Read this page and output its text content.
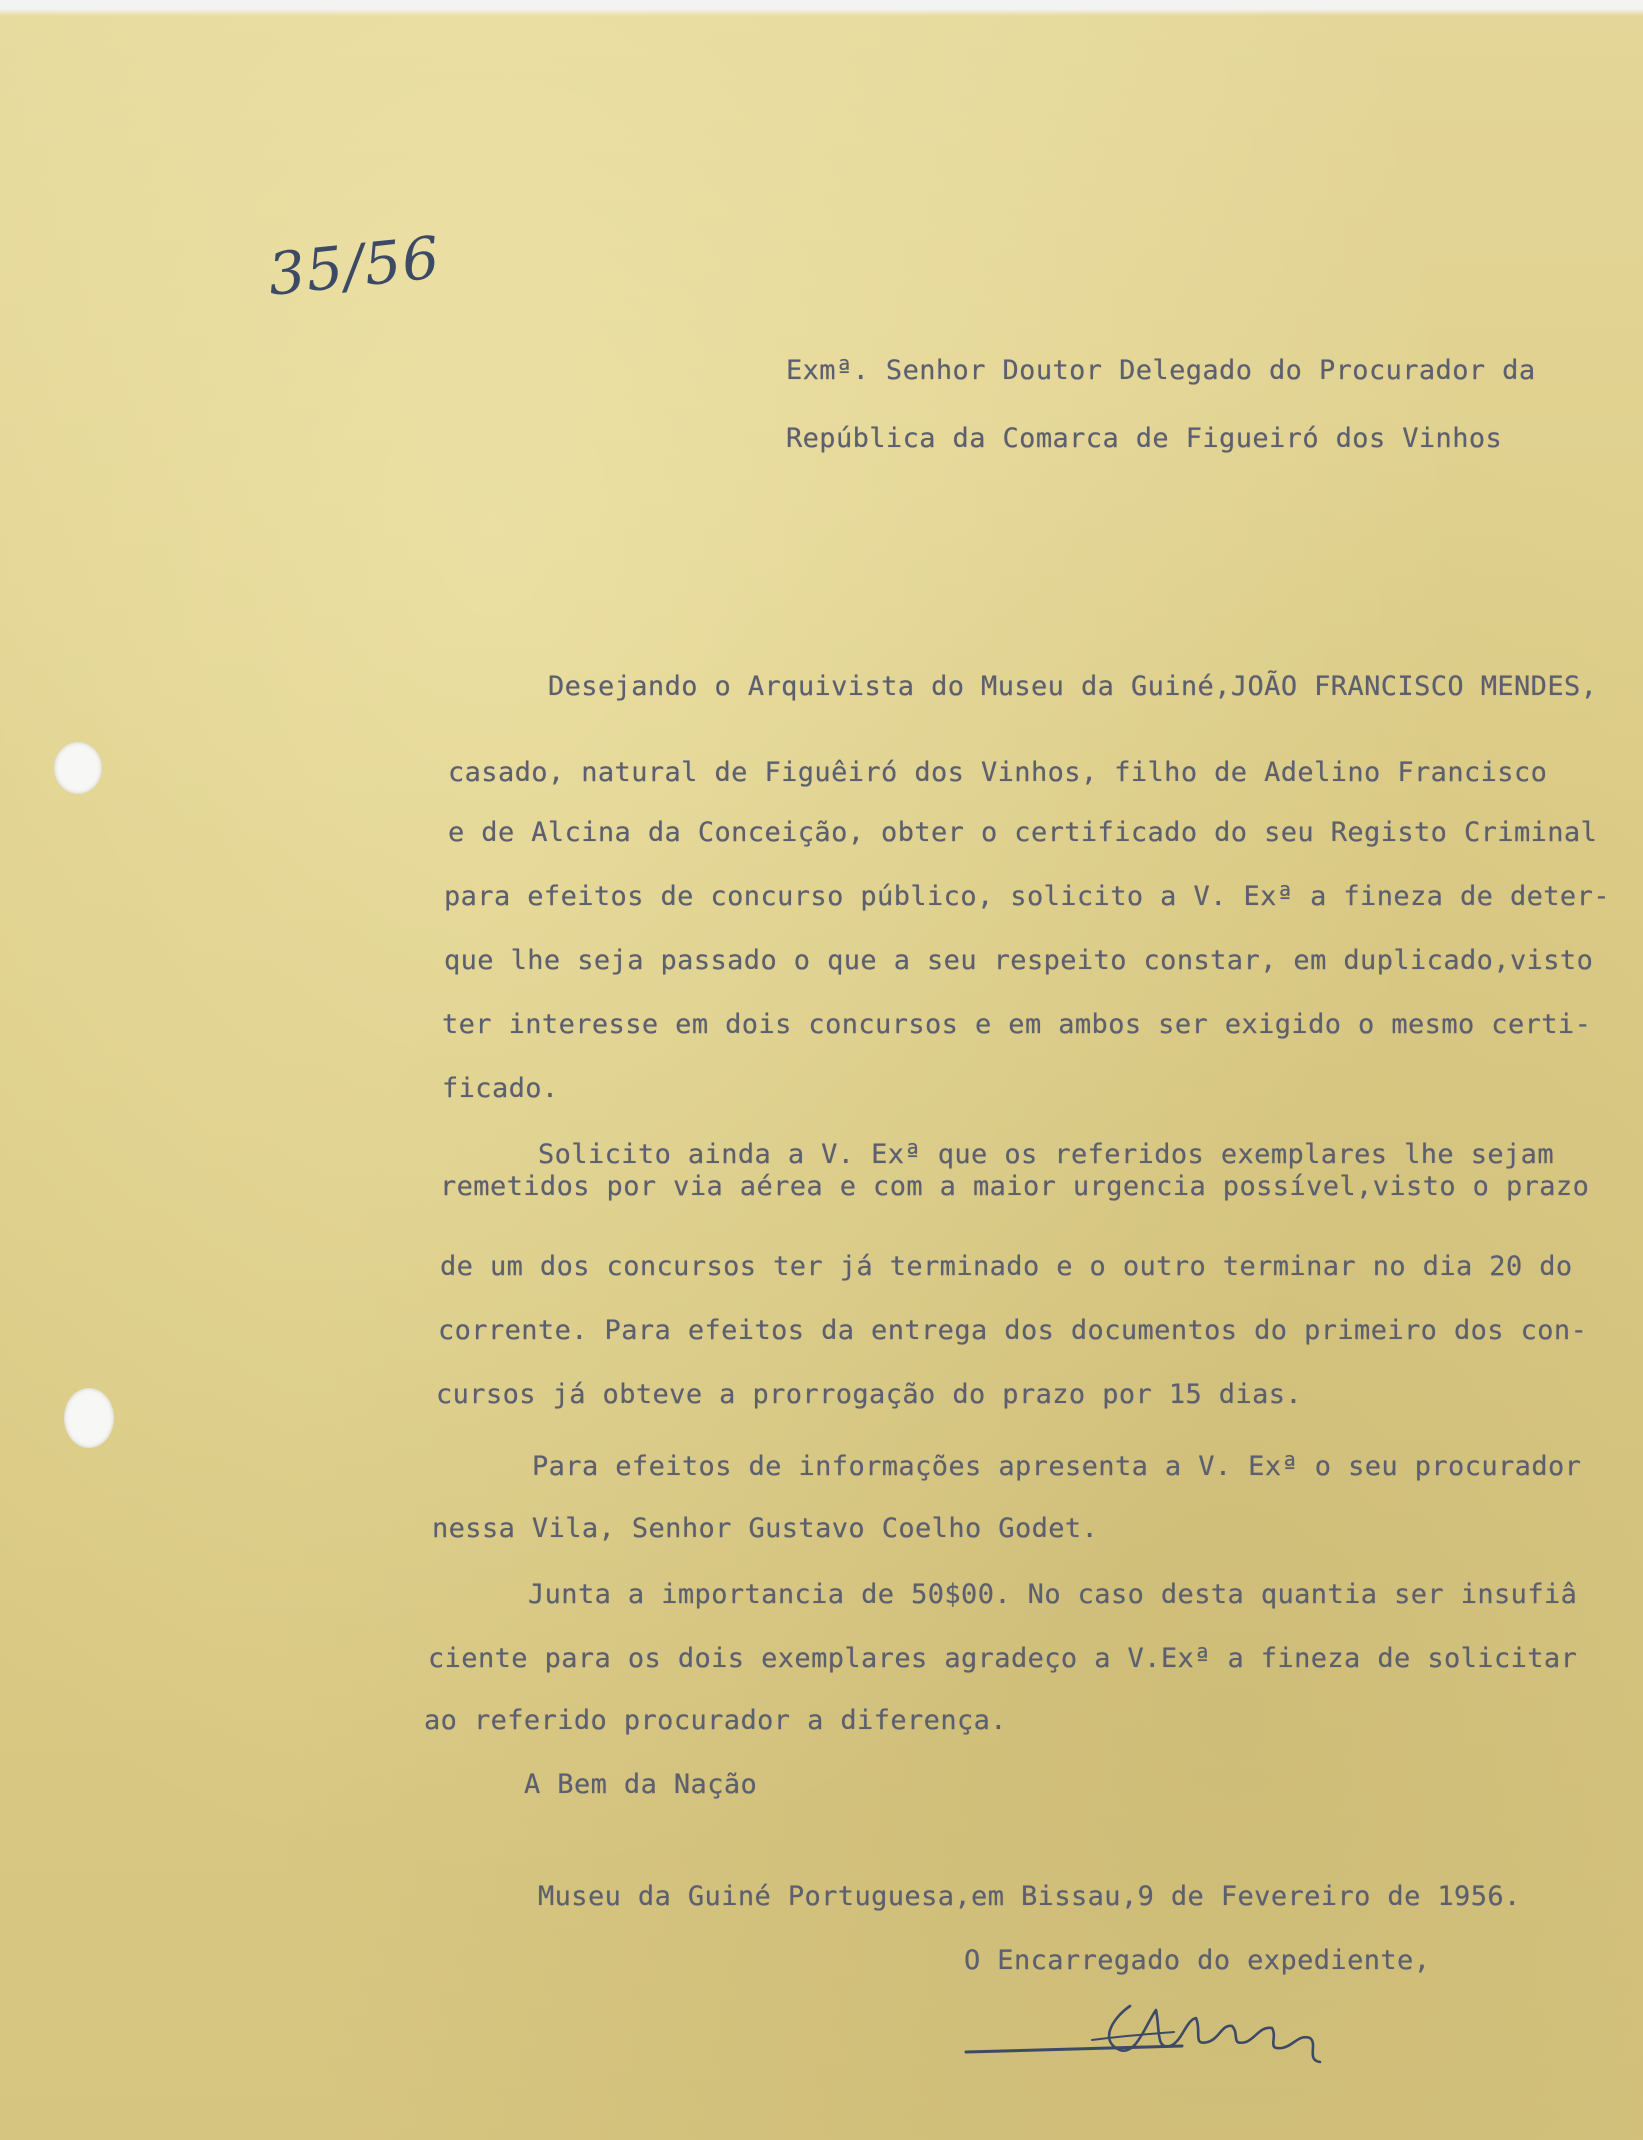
35/56
Exmª. Senhor Doutor Delegado do Procurador da
República da Comarca de Figueiró dos Vinhos
Desejando o Arquivista do Museu da Guiné,JOÃO FRANCISCO MENDES,
casado, natural de Figuêiró dos Vinhos, filho de Adelino Francisco
e de Alcina da Conceição, obter o certificado do seu Registo Criminal
para efeitos de concurso público, solicito a V. Exª a fineza de deter-
que lhe seja passado o que a seu respeito constar, em duplicado,visto
ter interesse em dois concursos e em ambos ser exigido o mesmo certi-
ficado.
Solicito ainda a V. Exª que os referidos exemplares lhe sejam
remetidos por via aérea e com a maior urgencia possível,visto o prazo
de um dos concursos ter já terminado e o outro terminar no dia 20 do
corrente. Para efeitos da entrega dos documentos do primeiro dos con-
cursos já obteve a prorrogação do prazo por 15 dias.
Para efeitos de informações apresenta a V. Exª o seu procurador
nessa Vila, Senhor Gustavo Coelho Godet.
Junta a importancia de 50$00. No caso desta quantia ser insufiâ
ciente para os dois exemplares agradeço a V.Exª a fineza de solicitar
ao referido procurador a diferença.
A Bem da Nação
Museu da Guiné Portuguesa,em Bissau,9 de Fevereiro de 1956.
O Encarregado do expediente,
